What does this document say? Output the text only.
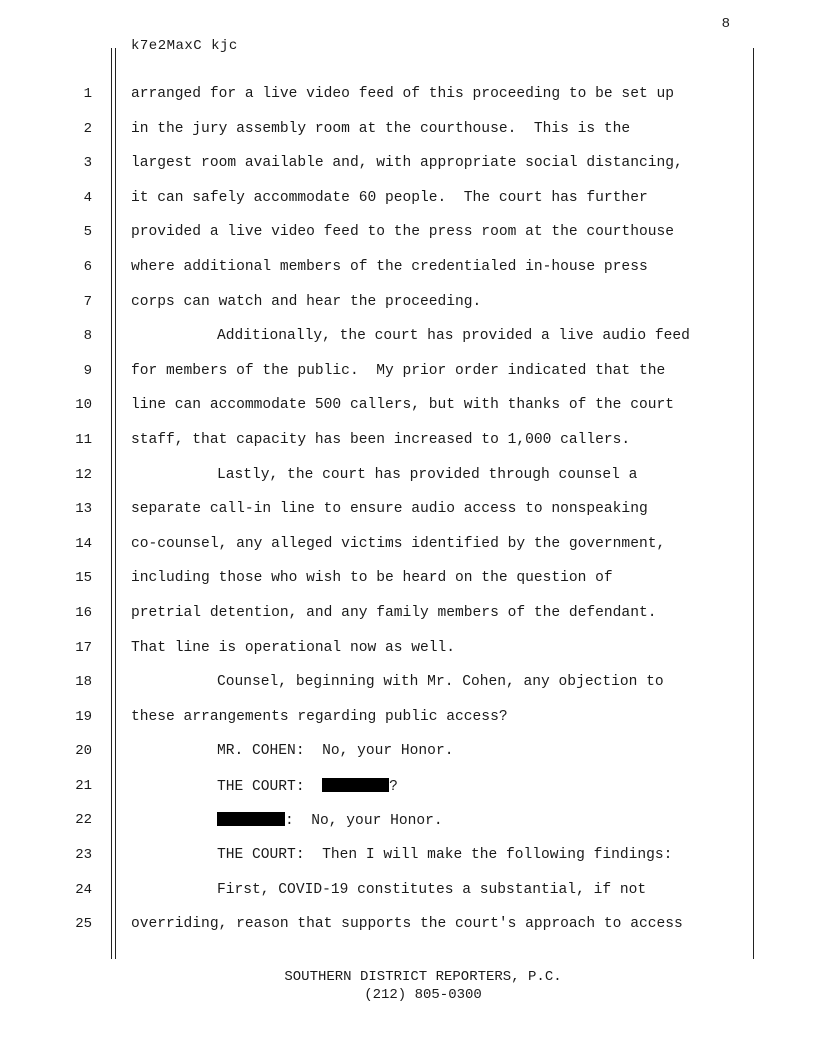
8
k7e2MaxC kjc
1	arranged for a live video feed of this proceeding to be set up
2	in the jury assembly room at the courthouse.  This is the
3	largest room available and, with appropriate social distancing,
4	it can safely accommodate 60 people.  The court has further
5	provided a live video feed to the press room at the courthouse
6	where additional members of the credentialed in-house press
7	corps can watch and hear the proceeding.
8	Additionally, the court has provided a live audio feed
9	for members of the public.  My prior order indicated that the
10	line can accommodate 500 callers, but with thanks of the court
11	staff, that capacity has been increased to 1,000 callers.
12	Lastly, the court has provided through counsel a
13	separate call-in line to ensure audio access to nonspeaking
14	co-counsel, any alleged victims identified by the government,
15	including those who wish to be heard on the question of
16	pretrial detention, and any family members of the defendant.
17	That line is operational now as well.
18	Counsel, beginning with Mr. Cohen, any objection to
19	these arrangements regarding public access?
20	MR. COHEN:  No, your Honor.
21	THE COURT:	?
22	:  No, your Honor.
23	THE COURT:  Then I will make the following findings:
24	First, COVID-19 constitutes a substantial, if not
25	overriding, reason that supports the court's approach to access
SOUTHERN DISTRICT REPORTERS, P.C.
(212) 805-0300
